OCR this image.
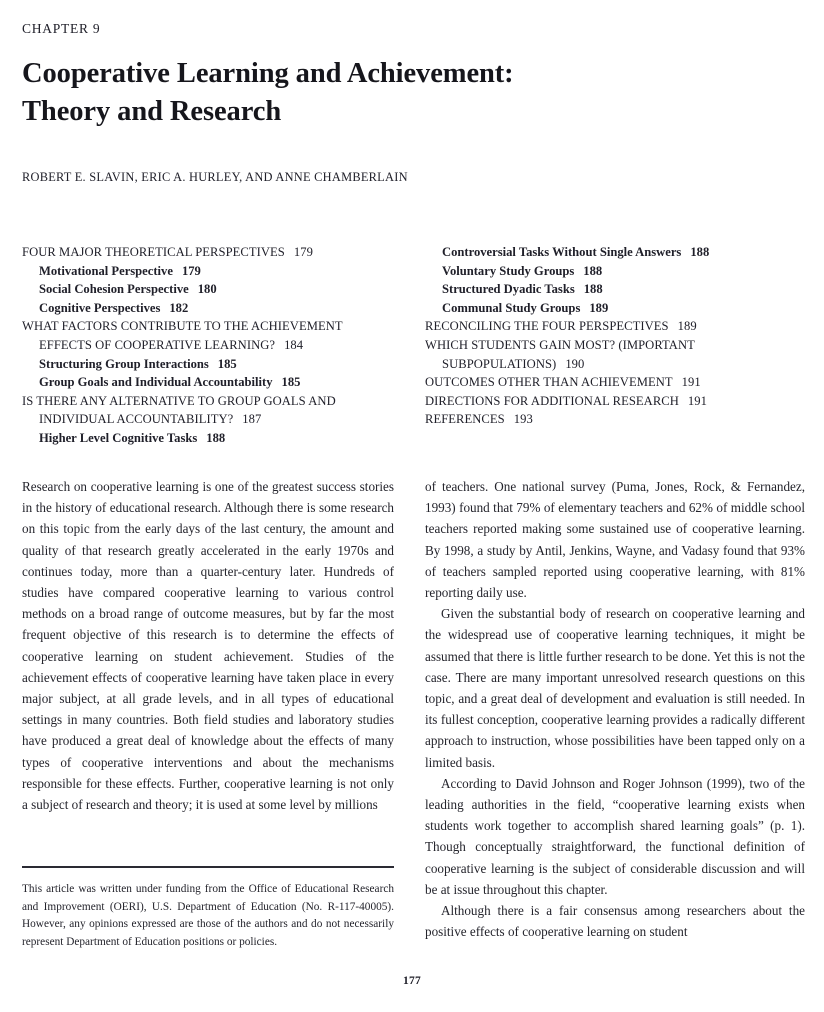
CHAPTER 9
Cooperative Learning and Achievement:
Theory and Research
ROBERT E. SLAVIN, ERIC A. HURLEY, AND ANNE CHAMBERLAIN
FOUR MAJOR THEORETICAL PERSPECTIVES 179
Motivational Perspective 179
Social Cohesion Perspective 180
Cognitive Perspectives 182
WHAT FACTORS CONTRIBUTE TO THE ACHIEVEMENT
EFFECTS OF COOPERATIVE LEARNING? 184
Structuring Group Interactions 185
Group Goals and Individual Accountability 185
IS THERE ANY ALTERNATIVE TO GROUP GOALS AND
INDIVIDUAL ACCOUNTABILITY? 187
Higher Level Cognitive Tasks 188
Controversial Tasks Without Single Answers 188
Voluntary Study Groups 188
Structured Dyadic Tasks 188
Communal Study Groups 189
RECONCILING THE FOUR PERSPECTIVES 189
WHICH STUDENTS GAIN MOST? (IMPORTANT
SUBPOPULATIONS) 190
OUTCOMES OTHER THAN ACHIEVEMENT 191
DIRECTIONS FOR ADDITIONAL RESEARCH 191
REFERENCES 193

Research on cooperative learning is one of the greatest success stories in the history of educational research. Although there is some research on this topic from the early days of the last century, the amount and quality of that research greatly accelerated in the early 1970s and continues today, more than a quarter-century later. Hundreds of studies have compared cooperative learning to various control methods on a broad range of outcome measures, but by far the most frequent objective of this research is to determine the effects of cooperative learning on student achievement. Studies of the achievement effects of cooperative learning have taken place in every major subject, at all grade levels, and in all types of educational settings in many countries. Both field studies and laboratory studies have produced a great deal of knowledge about the effects of many types of cooperative interventions and about the mechanisms responsible for these effects. Further, cooperative learning is not only a subject of research and theory; it is used at some level by millions

of teachers. One national survey (Puma, Jones, Rock, & Fernandez, 1993) found that 79% of elementary teachers and 62% of middle school teachers reported making some sustained use of cooperative learning. By 1998, a study by Antil, Jenkins, Wayne, and Vadasy found that 93% of teachers sampled reported using cooperative learning, with 81% reporting daily use.

Given the substantial body of research on cooperative learning and the widespread use of cooperative learning techniques, it might be assumed that there is little further research to be done. Yet this is not the case. There are many important unresolved research questions on this topic, and a great deal of development and evaluation is still needed. In its fullest conception, cooperative learning provides a radically different approach to instruction, whose possibilities have been tapped only on a limited basis.

According to David Johnson and Roger Johnson (1999), two of the leading authorities in the field, “cooperative learning exists when students work together to accomplish shared learning goals” (p. 1). Though conceptually straightforward, the functional definition of cooperative learning is the subject of considerable discussion and will be at issue throughout this chapter.

Although there is a fair consensus among researchers about the positive effects of cooperative learning on student

This article was written under funding from the Office of Educational Research and Improvement (OERI), U.S. Department of Education (No. R-117-40005). However, any opinions expressed are those of the authors and do not necessarily represent Department of Education positions or policies.

177
